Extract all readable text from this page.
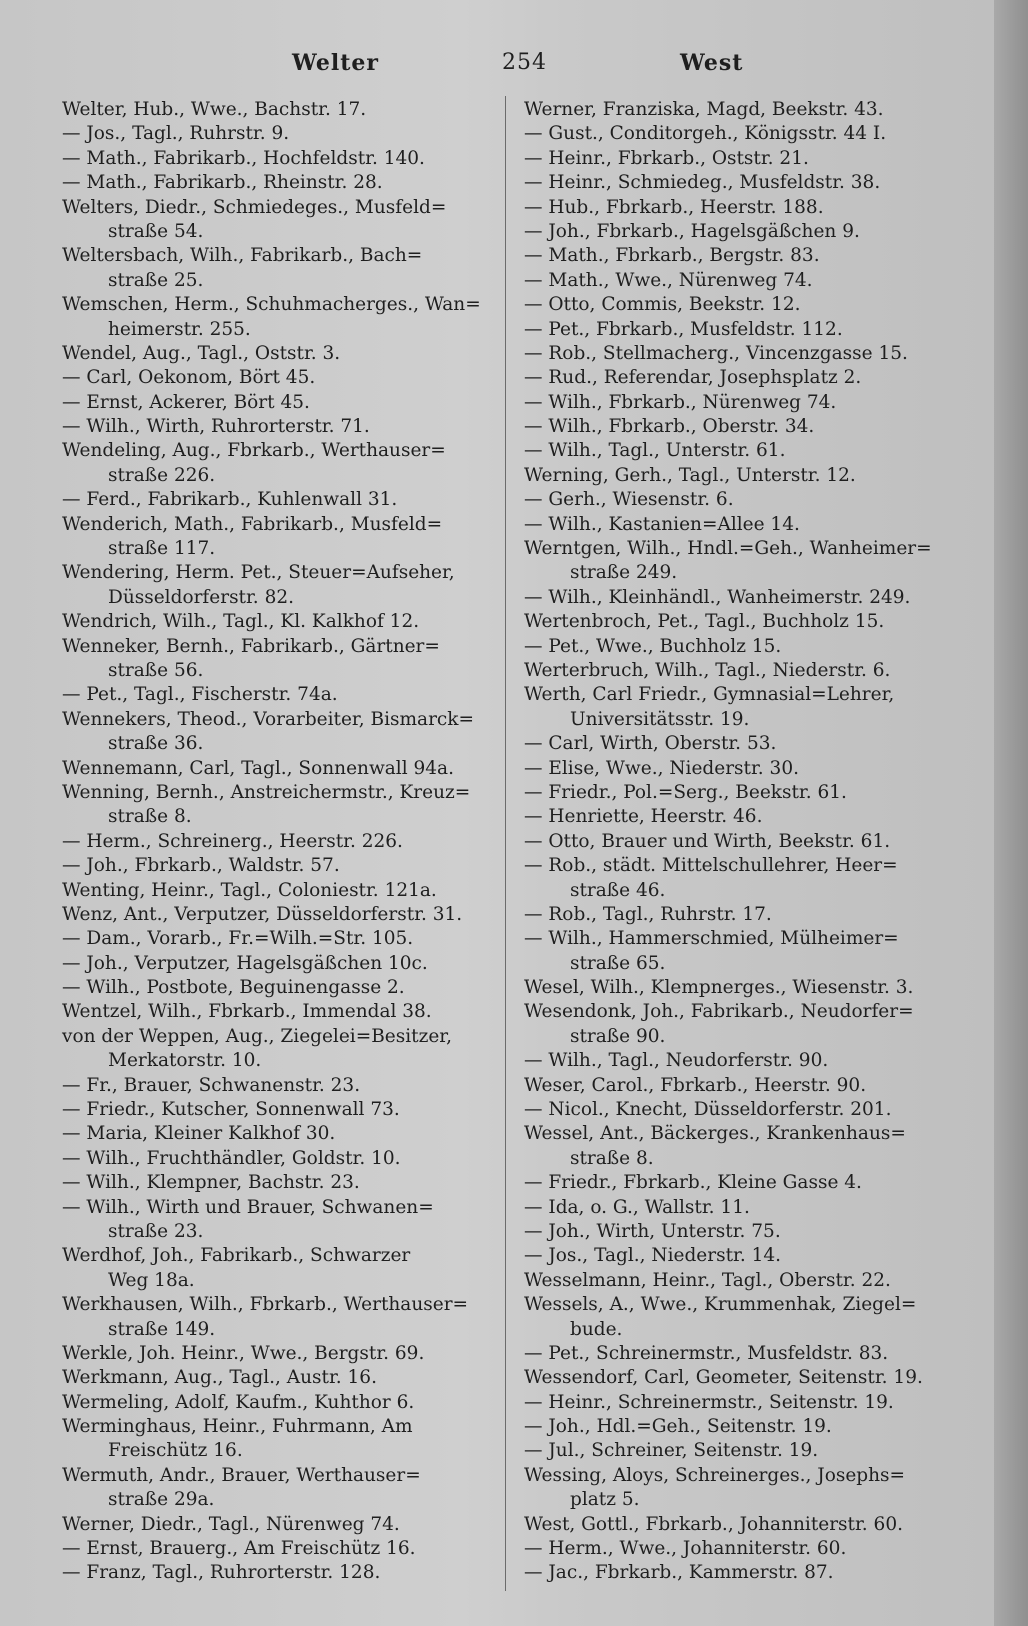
Welter	254	West
Welter, Hub., Wwe., Bachstr. 17.
— Jos., Tagl., Ruhrstr. 9.
— Math., Fabrikarb., Hochfeldstr. 140.
— Math., Fabrikarb., Rheinstr. 28.
Welters, Diedr., Schmiedeges., Musfeld=
straße 54.
Weltersbach, Wilh., Fabrikarb., Bach=
straße 25.
Wemschen, Herm., Schuhmacherges., Wan=
heimerstr. 255.
Wendel, Aug., Tagl., Oststr. 3.
— Carl, Oekonom, Bört 45.
— Ernst, Ackerer, Bört 45.
— Wilh., Wirth, Ruhrorterstr. 71.
Wendeling, Aug., Fbrkarb., Werthauser=
straße 226.
— Ferd., Fabrikarb., Kuhlenwall 31.
Wenderich, Math., Fabrikarb., Musfeld=
straße 117.
Wendering, Herm. Pet., Steuer=Aufseher,
Düsseldorferstr. 82.
Wendrich, Wilh., Tagl., Kl. Kalkhof 12.
Wenneker, Bernh., Fabrikarb., Gärtner=
straße 56.
— Pet., Tagl., Fischerstr. 74a.
Wennekers, Theod., Vorarbeiter, Bismarck=
straße 36.
Wennemann, Carl, Tagl., Sonnenwall 94a.
Wenning, Bernh., Anstreichermstr., Kreuz=
straße 8.
— Herm., Schreinerg., Heerstr. 226.
— Joh., Fbrkarb., Waldstr. 57.
Wenting, Heinr., Tagl., Coloniestr. 121a.
Wenz, Ant., Verputzer, Düsseldorferstr. 31.
— Dam., Vorarb., Fr.=Wilh.=Str. 105.
— Joh., Verputzer, Hagelsgäßchen 10c.
— Wilh., Postbote, Beguinengasse 2.
Wentzel, Wilh., Fbrkarb., Immendal 38.
von der Weppen, Aug., Ziegelei=Besitzer,
Merkatorstr. 10.
— Fr., Brauer, Schwanenstr. 23.
— Friedr., Kutscher, Sonnenwall 73.
— Maria, Kleiner Kalkhof 30.
— Wilh., Fruchthändler, Goldstr. 10.
— Wilh., Klempner, Bachstr. 23.
— Wilh., Wirth und Brauer, Schwanen=
straße 23.
Werdhof, Joh., Fabrikarb., Schwarzer
Weg 18a.
Werkhausen, Wilh., Fbrkarb., Werthauser=
straße 149.
Werkle, Joh. Heinr., Wwe., Bergstr. 69.
Werkmann, Aug., Tagl., Austr. 16.
Wermeling, Adolf, Kaufm., Kuhthor 6.
Werminghaus, Heinr., Fuhrmann, Am
Freischütz 16.
Wermuth, Andr., Brauer, Werthauser=
straße 29a.
Werner, Diedr., Tagl., Nürenweg 74.
— Ernst, Brauerg., Am Freischütz 16.
— Franz, Tagl., Ruhrorterstr. 128.
Werner, Franziska, Magd, Beekstr. 43.
— Gust., Conditorgeh., Königsstr. 44 I.
— Heinr., Fbrkarb., Oststr. 21.
— Heinr., Schmiedeg., Musfeldstr. 38.
— Hub., Fbrkarb., Heerstr. 188.
— Joh., Fbrkarb., Hagelsgäßchen 9.
— Math., Fbrkarb., Bergstr. 83.
— Math., Wwe., Nürenweg 74.
— Otto, Commis, Beekstr. 12.
— Pet., Fbrkarb., Musfeldstr. 112.
— Rob., Stellmacherg., Vincenzgasse 15.
— Rud., Referendar, Josephsplatz 2.
— Wilh., Fbrkarb., Nürenweg 74.
— Wilh., Fbrkarb., Oberstr. 34.
— Wilh., Tagl., Unterstr. 61.
Werning, Gerh., Tagl., Unterstr. 12.
— Gerh., Wiesenstr. 6.
— Wilh., Kastanien=Allee 14.
Werntgen, Wilh., Hndl.=Geh., Wanheimer=
straße 249.
— Wilh., Kleinhändl., Wanheimerstr. 249.
Wertenbroch, Pet., Tagl., Buchholz 15.
— Pet., Wwe., Buchholz 15.
Werterbruch, Wilh., Tagl., Niederstr. 6.
Werth, Carl Friedr., Gymnasial=Lehrer,
Universitätsstr. 19.
— Carl, Wirth, Oberstr. 53.
— Elise, Wwe., Niederstr. 30.
— Friedr., Pol.=Serg., Beekstr. 61.
— Henriette, Heerstr. 46.
— Otto, Brauer und Wirth, Beekstr. 61.
— Rob., städt. Mittelschullehrer, Heer=
straße 46.
— Rob., Tagl., Ruhrstr. 17.
— Wilh., Hammerschmied, Mülheimer=
straße 65.
Wesel, Wilh., Klempnerges., Wiesenstr. 3.
Wesendonk, Joh., Fabrikarb., Neudorfer=
straße 90.
— Wilh., Tagl., Neudorferstr. 90.
Weser, Carol., Fbrkarb., Heerstr. 90.
— Nicol., Knecht, Düsseldorferstr. 201.
Wessel, Ant., Bäckerges., Krankenhaus=
straße 8.
— Friedr., Fbrkarb., Kleine Gasse 4.
— Ida, o. G., Wallstr. 11.
— Joh., Wirth, Unterstr. 75.
— Jos., Tagl., Niederstr. 14.
Wesselmann, Heinr., Tagl., Oberstr. 22.
Wessels, A., Wwe., Krummenhak, Ziegel=
bude.
— Pet., Schreinermstr., Musfeldstr. 83.
Wessendorf, Carl, Geometer, Seitenstr. 19.
— Heinr., Schreinermstr., Seitenstr. 19.
— Joh., Hdl.=Geh., Seitenstr. 19.
— Jul., Schreiner, Seitenstr. 19.
Wessing, Aloys, Schreinerges., Josephs=
platz 5.
West, Gottl., Fbrkarb., Johanniterstr. 60.
— Herm., Wwe., Johanniterstr. 60.
— Jac., Fbrkarb., Kammerstr. 87.
